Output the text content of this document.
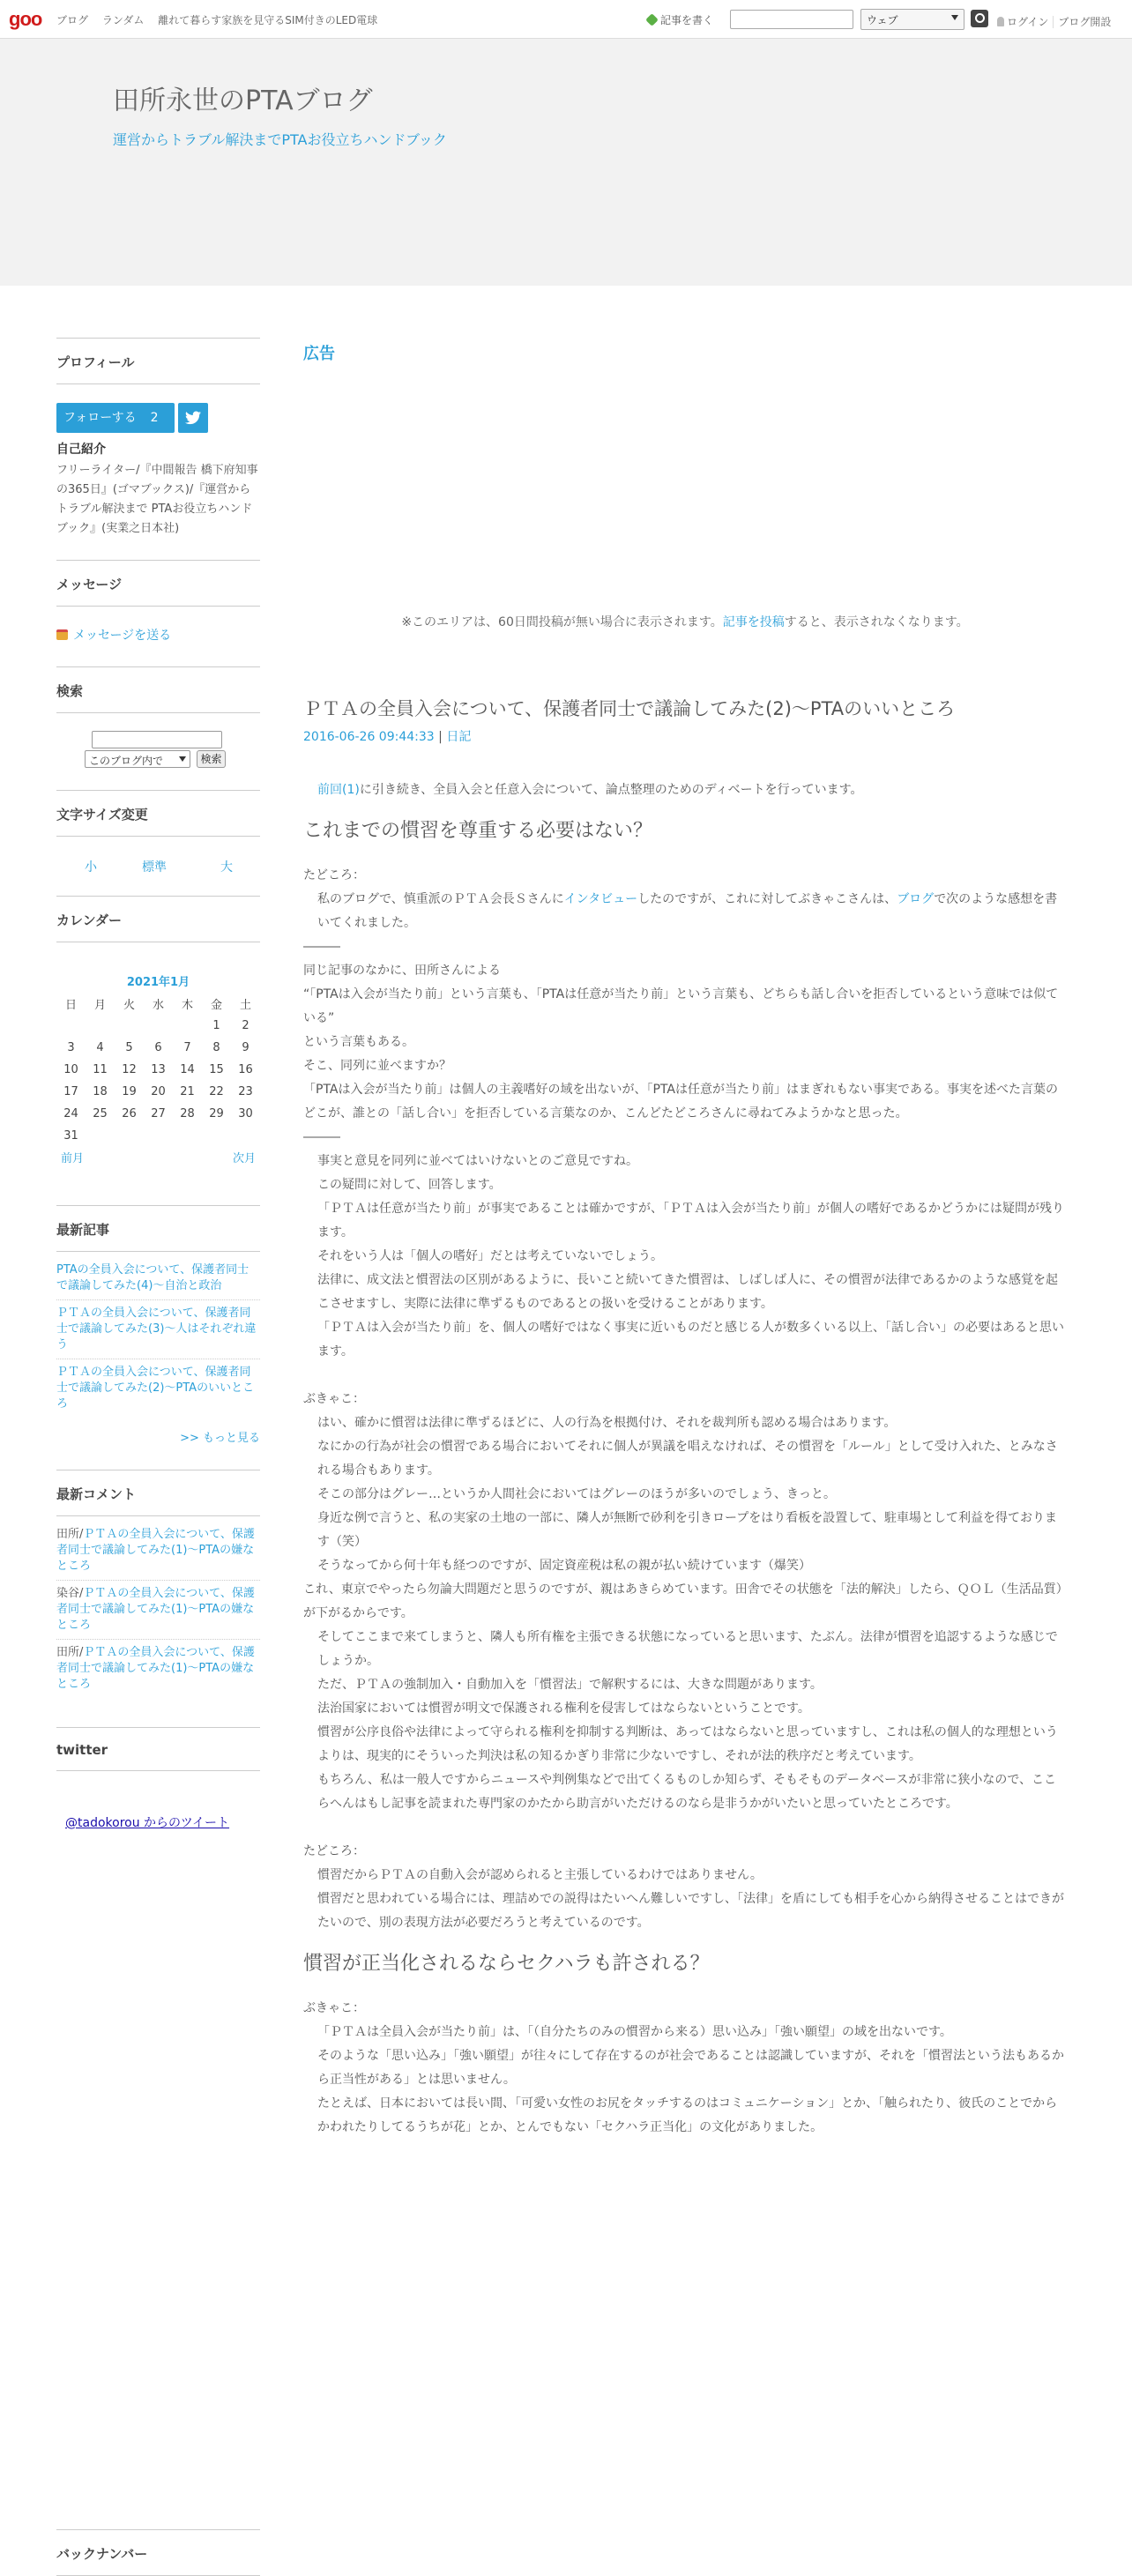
goo ブログ ランダム 離れて暮らす家族を見守るSIM付きのLED電球	記事を書く	ウェブ	ログイン ブログ開設
田所永世のPTAブログ
運営からトラブル解決までPTAお役立ちハンドブック
プロフィール
フォローする 2
自己紹介
フリーライター/『中間報告 橋下府知事の365日』(ゴマブックス)/『運営からトラブル解決まで PTAお役立ちハンドブック』(実業之日本社)
メッセージ
メッセージを送る
検索
このブログ内で	検索
文字サイズ変更
小	標準	大
カレンダー
2021年1月
日	月	火	水	木	金	土
					1	2
3	4	5	6	7	8	9
10	11	12	13	14	15	16
17	18	19	20	21	22	23
24	25	26	27	28	29	30
31						
前月	次月
最新記事
PTAの全員入会について、保護者同士で議論してみた(4)～自治と政治
ＰＴＡの全員入会について、保護者同士で議論してみた(3)～人はそれぞれ違う
ＰＴＡの全員入会について、保護者同士で議論してみた(2)～PTAのいいところ
>> もっと見る
最新コメント
田所/ＰＴＡの全員入会について、保護者同士で議論してみた(1)～PTAの嫌なところ
染谷/ＰＴＡの全員入会について、保護者同士で議論してみた(1)～PTAの嫌なところ
田所/ＰＴＡの全員入会について、保護者同士で議論してみた(1)～PTAの嫌なところ
twitter
バックナンバー
@tadokorou からのツイート
広告
※このエリアは、60日間投稿が無い場合に表示されます。記事を投稿すると、表示されなくなります。
ＰＴＡの全員入会について、保護者同士で議論してみた(2)～PTAのいいところ
2016-06-26 09:44:33 | 日記

前回(1)に引き続き、全員入会と任意入会について、論点整理のためのディベートを行っています。

これまでの慣習を尊重する必要はない？

たどころ：

私のブログで、慎重派のＰＴＡ会長Ｓさんにインタビューしたのですが、これに対してぶきゃこさんは、ブログで次のような感想を書いてくれました。

―――

同じ記事のなかに、田所さんによる

“「PTAは入会が当たり前」という言葉も、「PTAは任意が当たり前」という言葉も、どちらも話し合いを拒否しているという意味では似ている”

という言葉もある。

そこ、同列に並べますか？

「PTAは入会が当たり前」は個人の主義嗜好の域を出ないが、「PTAは任意が当たり前」はまぎれもない事実である。事実を述べた言葉のどこが、誰との「話し合い」を拒否している言葉なのか、こんどたどころさんに尋ねてみようかなと思った。

―――

事実と意見を同列に並べてはいけないとのご意見ですね。

この疑問に対して、回答します。

「ＰＴＡは任意が当たり前」が事実であることは確かですが、「ＰＴＡは入会が当たり前」が個人の嗜好であるかどうかには疑問が残ります。

それをいう人は「個人の嗜好」だとは考えていないでしょう。

法律に、成文法と慣習法の区別があるように、長いこと続いてきた慣習は、しばしば人に、その慣習が法律であるかのような感覚を起こさせますし、実際に法律に準ずるものであるとの扱いを受けることがあります。

「ＰＴＡは入会が当たり前」を、個人の嗜好ではなく事実に近いものだと感じる人が数多くいる以上、「話し合い」の必要はあると思います。

ぶきゃこ：

はい、確かに慣習は法律に準ずるほどに、人の行為を根拠付け、それを裁判所も認める場合はあります。

なにかの行為が社会の慣習である場合においてそれに個人が異議を唱えなければ、その慣習を「ルール」として受け入れた、とみなされる場合もあります。

そこの部分はグレー…というか人間社会においてはグレーのほうが多いのでしょう、きっと。

身近な例で言うと、私の実家の土地の一部に、隣人が無断で砂利を引きロープをはり看板を設置して、駐車場として利益を得ております（笑）

そうなってから何十年も経つのですが、固定資産税は私の親が払い続けています（爆笑）

これ、東京でやったら勿論大問題だと思うのですが、親はあきらめています。田舎でその状態を「法的解決」したら、ＱＯＬ（生活品質）が下がるからです。

そしてここまで来てしまうと、隣人も所有権を主張できる状態になっていると思います、たぶん。法律が慣習を追認するような感じでしょうか。

ただ、ＰＴＡの強制加入・自動加入を「慣習法」で解釈するには、大きな問題があります。

法治国家においては慣習が明文で保護される権利を侵害してはならないということです。

慣習が公序良俗や法律によって守られる権利を抑制する判断は、あってはならないと思っていますし、これは私の個人的な理想というよりは、現実的にそういった判決は私の知るかぎり非常に少ないですし、それが法的秩序だと考えています。

もちろん、私は一般人ですからニュースや判例集などで出てくるものしか知らず、そもそものデータベースが非常に狭小なので、ここらへんはもし記事を読まれた専門家のかたから助言がいただけるのなら是非うかがいたいと思っていたところです。

たどころ：

慣習だからＰＴＡの自動入会が認められると主張しているわけではありません。

慣習だと思われている場合には、理詰めでの説得はたいへん難しいですし、「法律」を盾にしても相手を心から納得させることはできがたいので、別の表現方法が必要だろうと考えているのです。

慣習が正当化されるならセクハラも許される？

ぶきゃこ：

「ＰＴＡは全員入会が当たり前」は、「（自分たちのみの慣習から来る）思い込み」「強い願望」の域を出ないです。

そのような「思い込み」「強い願望」が往々にして存在するのが社会であることは認識していますが、それを「慣習法という法もあるから正当性がある」とは思いません。

たとえば、日本においては長い間、「可愛い女性のお尻をタッチするのはコミュニケーション」とか、「触られたり、彼氏のことでからかわれたりしてるうちが花」とか、とんでもない「セクハラ正当化」の文化がありました。
